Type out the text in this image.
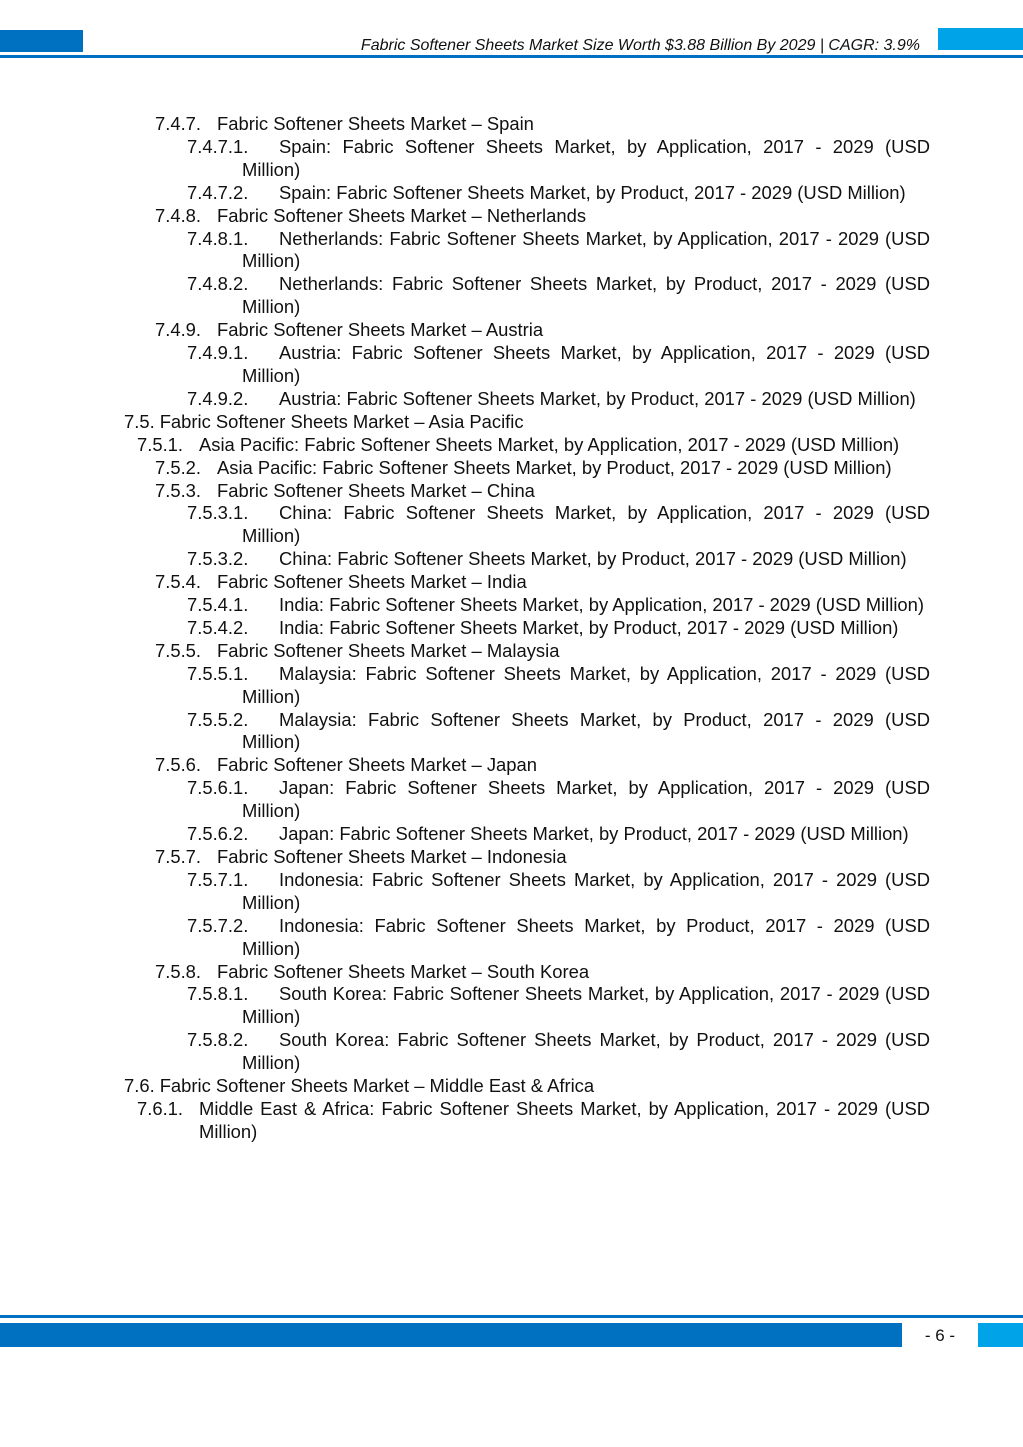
Fabric Softener Sheets Market Size Worth $3.88 Billion By 2029 | CAGR: 3.9%
7.4.7. Fabric Softener Sheets Market – Spain
7.4.7.1. Spain: Fabric Softener Sheets Market, by Application, 2017 - 2029 (USD Million)
7.4.7.2. Spain: Fabric Softener Sheets Market, by Product, 2017 - 2029 (USD Million)
7.4.8. Fabric Softener Sheets Market – Netherlands
7.4.8.1. Netherlands: Fabric Softener Sheets Market, by Application, 2017 - 2029 (USD Million)
7.4.8.2. Netherlands: Fabric Softener Sheets Market, by Product, 2017 - 2029 (USD Million)
7.4.9. Fabric Softener Sheets Market – Austria
7.4.9.1. Austria: Fabric Softener Sheets Market, by Application, 2017 - 2029 (USD Million)
7.4.9.2. Austria: Fabric Softener Sheets Market, by Product, 2017 - 2029 (USD Million)
7.5. Fabric Softener Sheets Market – Asia Pacific
7.5.1. Asia Pacific: Fabric Softener Sheets Market, by Application, 2017 - 2029 (USD Million)
7.5.2. Asia Pacific: Fabric Softener Sheets Market, by Product, 2017 - 2029 (USD Million)
7.5.3. Fabric Softener Sheets Market – China
7.5.3.1. China: Fabric Softener Sheets Market, by Application, 2017 - 2029 (USD Million)
7.5.3.2. China: Fabric Softener Sheets Market, by Product, 2017 - 2029 (USD Million)
7.5.4. Fabric Softener Sheets Market – India
7.5.4.1. India: Fabric Softener Sheets Market, by Application, 2017 - 2029 (USD Million)
7.5.4.2. India: Fabric Softener Sheets Market, by Product, 2017 - 2029 (USD Million)
7.5.5. Fabric Softener Sheets Market – Malaysia
7.5.5.1. Malaysia: Fabric Softener Sheets Market, by Application, 2017 - 2029 (USD Million)
7.5.5.2. Malaysia: Fabric Softener Sheets Market, by Product, 2017 - 2029 (USD Million)
7.5.6. Fabric Softener Sheets Market – Japan
7.5.6.1. Japan: Fabric Softener Sheets Market, by Application, 2017 - 2029 (USD Million)
7.5.6.2. Japan: Fabric Softener Sheets Market, by Product, 2017 - 2029 (USD Million)
7.5.7. Fabric Softener Sheets Market – Indonesia
7.5.7.1. Indonesia: Fabric Softener Sheets Market, by Application, 2017 - 2029 (USD Million)
7.5.7.2. Indonesia: Fabric Softener Sheets Market, by Product, 2017 - 2029 (USD Million)
7.5.8. Fabric Softener Sheets Market – South Korea
7.5.8.1. South Korea: Fabric Softener Sheets Market, by Application, 2017 - 2029 (USD Million)
7.5.8.2. South Korea: Fabric Softener Sheets Market, by Product, 2017 - 2029 (USD Million)
7.6. Fabric Softener Sheets Market – Middle East & Africa
7.6.1. Middle East & Africa: Fabric Softener Sheets Market, by Application, 2017 - 2029 (USD Million)
- 6 -
